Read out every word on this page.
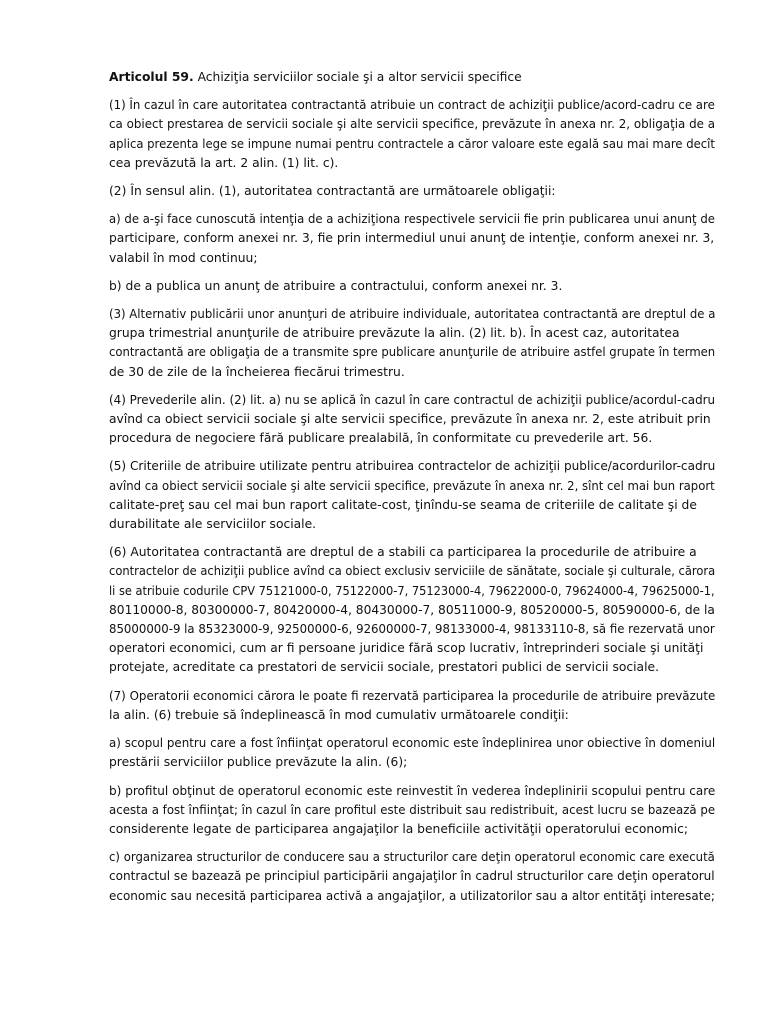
Articolul 59. Achiziţia serviciilor sociale şi a altor servicii specifice

(1) În cazul în care autoritatea contractantă atribuie un contract de achiziţii publice/acord-cadru ce are
ca obiect prestarea de servicii sociale şi alte servicii specifice, prevăzute în anexa nr. 2, obligaţia de a
aplica prezenta lege se impune numai pentru contractele a căror valoare este egală sau mai mare decît
cea prevăzută la art. 2 alin. (1) lit. c).

(2) În sensul alin. (1), autoritatea contractantă are următoarele obligaţii:

a) de a-şi face cunoscută intenţia de a achiziţiona respectivele servicii fie prin publicarea unui anunţ de
participare, conform anexei nr. 3, fie prin intermediul unui anunţ de intenţie, conform anexei nr. 3,
valabil în mod continuu;

b) de a publica un anunţ de atribuire a contractului, conform anexei nr. 3.

(3) Alternativ publicării unor anunţuri de atribuire individuale, autoritatea contractantă are dreptul de a
grupa trimestrial anunţurile de atribuire prevăzute la alin. (2) lit. b). În acest caz, autoritatea
contractantă are obligaţia de a transmite spre publicare anunţurile de atribuire astfel grupate în termen
de 30 de zile de la încheierea fiecărui trimestru.

(4) Prevederile alin. (2) lit. a) nu se aplică în cazul în care contractul de achiziţii publice/acordul-cadru
avînd ca obiect servicii sociale şi alte servicii specifice, prevăzute în anexa nr. 2, este atribuit prin
procedura de negociere fără publicare prealabilă, în conformitate cu prevederile art. 56.

(5) Criteriile de atribuire utilizate pentru atribuirea contractelor de achiziţii publice/acordurilor-cadru
avînd ca obiect servicii sociale şi alte servicii specifice, prevăzute în anexa nr. 2, sînt cel mai bun raport
calitate-preţ sau cel mai bun raport calitate-cost, ţinîndu-se seama de criteriile de calitate şi de
durabilitate ale serviciilor sociale.

(6) Autoritatea contractantă are dreptul de a stabili ca participarea la procedurile de atribuire a
contractelor de achiziţii publice avînd ca obiect exclusiv serviciile de sănătate, sociale şi culturale, cărora
li se atribuie codurile CPV 75121000-0, 75122000-7, 75123000-4, 79622000-0, 79624000-4, 79625000-1,
80110000-8, 80300000-7, 80420000-4, 80430000-7, 80511000-9, 80520000-5, 80590000-6, de la
85000000-9 la 85323000-9, 92500000-6, 92600000-7, 98133000-4, 98133110-8, să fie rezervată unor
operatori economici, cum ar fi persoane juridice fără scop lucrativ, întreprinderi sociale şi unităţi
protejate, acreditate ca prestatori de servicii sociale, prestatori publici de servicii sociale.

(7) Operatorii economici cărora le poate fi rezervată participarea la procedurile de atribuire prevăzute
la alin. (6) trebuie să îndeplinească în mod cumulativ următoarele condiţii:

a) scopul pentru care a fost înfiinţat operatorul economic este îndeplinirea unor obiective în domeniul
prestării serviciilor publice prevăzute la alin. (6);

b) profitul obţinut de operatorul economic este reinvestit în vederea îndeplinirii scopului pentru care
acesta a fost înfiinţat; în cazul în care profitul este distribuit sau redistribuit, acest lucru se bazează pe
considerente legate de participarea angajaţilor la beneficiile activităţii operatorului economic;

c) organizarea structurilor de conducere sau a structurilor care deţin operatorul economic care execută
contractul se bazează pe principiul participării angajaţilor în cadrul structurilor care deţin operatorul
economic sau necesită participarea activă a angajaţilor, a utilizatorilor sau a altor entităţi interesate;
